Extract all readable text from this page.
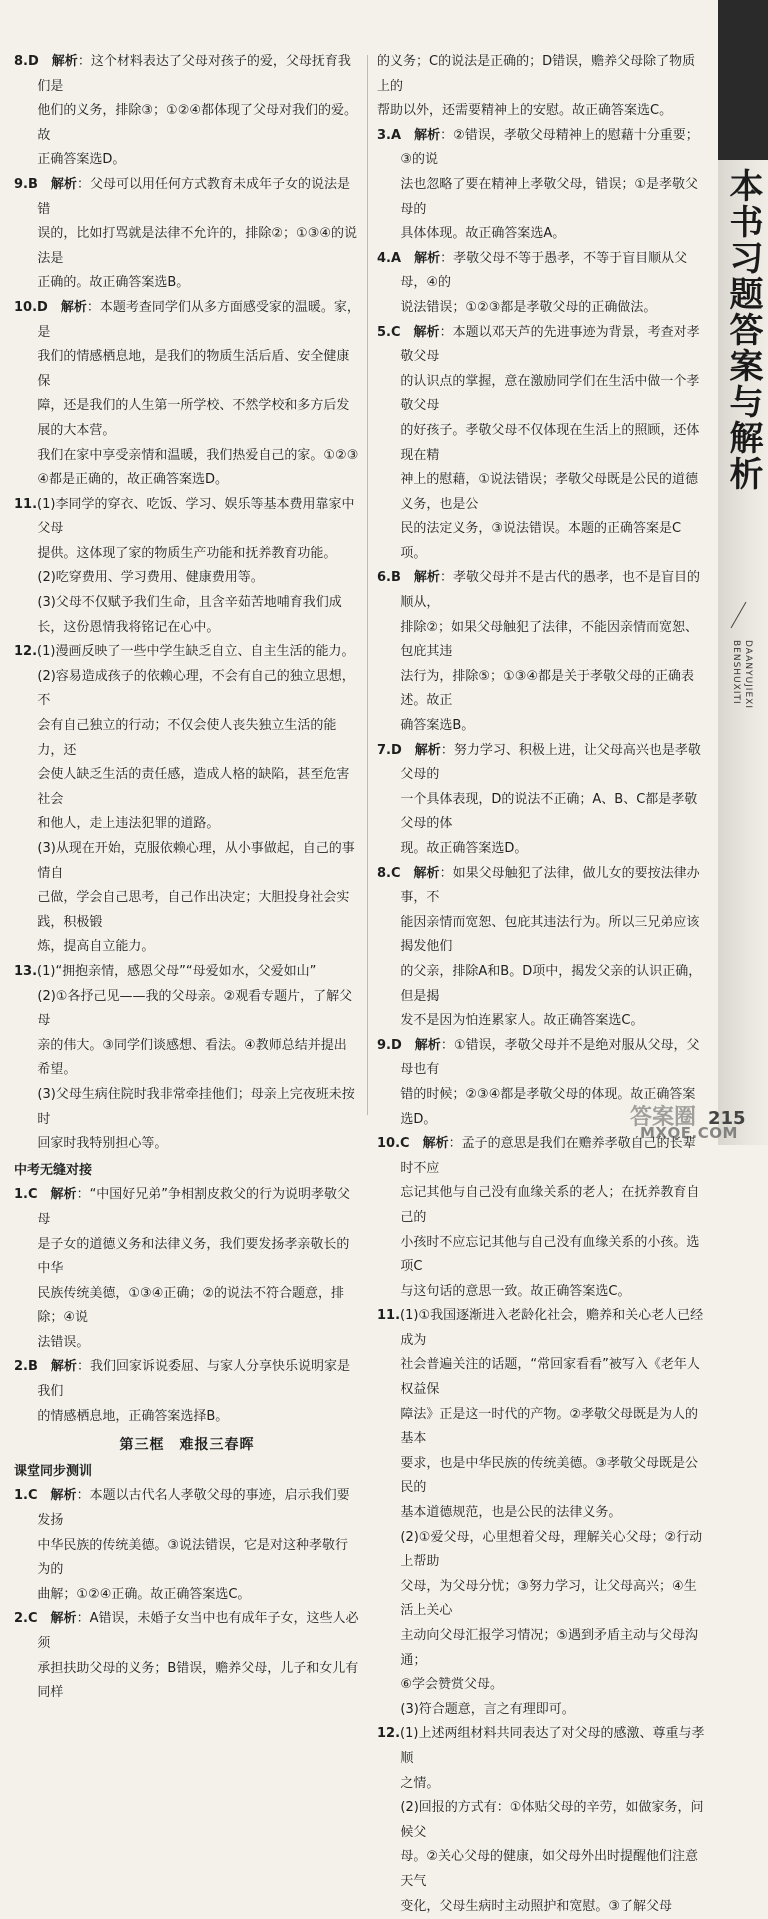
8.D　 解析：这个材料表达了父母对孩子的爱，父母抚育我们是
他们的义务，排除③；①②④都体现了父母对我们的爱。故
正确答案选D。
9.B　 解析：父母可以用任何方式教育未成年子女的说法是错
误的，比如打骂就是法律不允许的，排除②；①③④的说法是
正确的。故正确答案选B。
10.D　 解析：本题考查同学们从多方面感受家的温暖。家，是
我们的情感栖息地，是我们的物质生活后盾、安全健康保
障，还是我们的人生第一所学校、不然学校和多方后发展的大本营。
我们在家中享受亲情和温暖，我们热爱自己的家。①②③
④都是正确的，故正确答案选D。
11.(1)李同学的穿衣、吃饭、学习、娱乐等基本费用靠家中父母
提供。这体现了家的物质生产功能和抚养教育功能。
(2)吃穿费用、学习费用、健康费用等。
(3)父母不仅赋予我们生命，且含辛茹苦地哺育我们成
长，这份恩情我将铭记在心中。
12.(1)漫画反映了一些中学生缺乏自立、自主生活的能力。
(2)容易造成孩子的依赖心理，不会有自己的独立思想，不
会有自己独立的行动；不仅会使人丧失独立生活的能力，还
会使人缺乏生活的责任感，造成人格的缺陷，甚至危害社会
和他人，走上违法犯罪的道路。
(3)从现在开始，克服依赖心理，从小事做起，自己的事情自
己做，学会自己思考，自己作出决定；大胆投身社会实践，积极锻
炼，提高自立能力。
13.(1)“拥抱亲情，感恩父母”“母爱如水，父爱如山”
(2)①各抒己见——我的父母亲。②观看专题片，了解父母
亲的伟大。③同学们谈感想、看法。④教师总结并提出
希望。
(3)父母生病住院时我非常牵挂他们；母亲上完夜班未按时
回家时我特别担心等。
中考无缝对接
1.C　 解析：“中国好兄弟”争相割皮救父的行为说明孝敬父母
是子女的道德义务和法律义务，我们要发扬孝亲敬长的中华
民族传统美德，①③④正确；②的说法不符合题意，排除；④说
法错误。
2.B　 解析：我们回家诉说委屈、与家人分享快乐说明家是我们
的情感栖息地，正确答案选择B。
第三框　难报三春晖
课堂同步测训
1.C　 解析：本题以古代名人孝敬父母的事迹，启示我们要发扬
中华民族的传统美德。③说法错误，它是对这种孝敬行为的
曲解；①②④正确。故正确答案选C。
2.C　 解析：A错误，未婚子女当中也有成年子女，这些人必须
承担扶助父母的义务；B错误，赡养父母，儿子和女儿有同样
的义务；C的说法是正确的；D错误，赡养父母除了物质上的
帮助以外，还需要精神上的安慰。故正确答案选C。
3.A　 解析：②错误，孝敬父母精神上的慰藉十分重要；③的说
法也忽略了要在精神上孝敬父母，错误；①是孝敬父母的
具体体现。故正确答案选A。
4.A　 解析：孝敬父母不等于愚孝，不等于盲目顺从父母，④的
说法错误；①②③都是孝敬父母的正确做法。
5.C　 解析：本题以邓天芦的先进事迹为背景，考查对孝敬父母
的认识点的掌握，意在激励同学们在生活中做一个孝敬父母
的好孩子。孝敬父母不仅体现在生活上的照顾，还体现在精
神上的慰藉，①说法错误；孝敬父母既是公民的道德义务，也是公
民的法定义务，③说法错误。本题的正确答案是C项。
6.B　 解析：孝敬父母并不是古代的愚孝，也不是盲目的顺从，
排除②；如果父母触犯了法律，不能因亲情而宽恕、包庇其违
法行为，排除⑤；①③④都是关于孝敬父母的正确表述。故正
确答案选B。
7.D　 解析：努力学习、积极上进，让父母高兴也是孝敬父母的
一个具体表现，D的说法不正确；A、B、C都是孝敬父母的体
现。故正确答案选D。
8.C　 解析：如果父母触犯了法律，做儿女的要按法律办事，不
能因亲情而宽恕、包庇其违法行为。所以三兄弟应该揭发他们
的父亲，排除A和B。D项中，揭发父亲的认识正确，但是揭
发不是因为怕连累家人。故正确答案选C。
9.D　 解析：①错误，孝敬父母并不是绝对服从父母，父母也有
错的时候；②③④都是孝敬父母的体现。故正确答案选D。
10.C　 解析：孟子的意思是我们在赡养孝敬自己的长辈时不应
忘记其他与自己没有血缘关系的老人；在抚养教育自己的
小孩时不应忘记其他与自己没有血缘关系的小孩。选项C
与这句话的意思一致。故正确答案选C。
11.(1)①我国逐渐进入老龄化社会，赡养和关心老人已经成为
社会普遍关注的话题，“常回家看看”被写入《老年人权益保
障法》正是这一时代的产物。②孝敬父母既是为人的基本
要求，也是中华民族的传统美德。③孝敬父母既是公民的
基本道德规范，也是公民的法律义务。
(2)①爱父母，心里想着父母，理解关心父母；②行动上帮助
父母，为父母分忧；③努力学习，让父母高兴；④生活上关心
主动向父母汇报学习情况；⑤遇到矛盾主动与父母沟通；
⑥学会赞赏父母。
(3)符合题意，言之有理即可。
12.(1)上述两组材料共同表达了对父母的感激、尊重与孝顺
之情。
(2)回报的方式有：①体贴父母的辛劳，如做家务，问候父
母。②关心父母的健康，如父母外出时提醒他们注意天气
变化，父母生病时主动照护和宽慰。③了解父母
本书习题答案与解析
BENSHUXITI DAANYUJIEXI
215
答案圈
MXQE.COM
